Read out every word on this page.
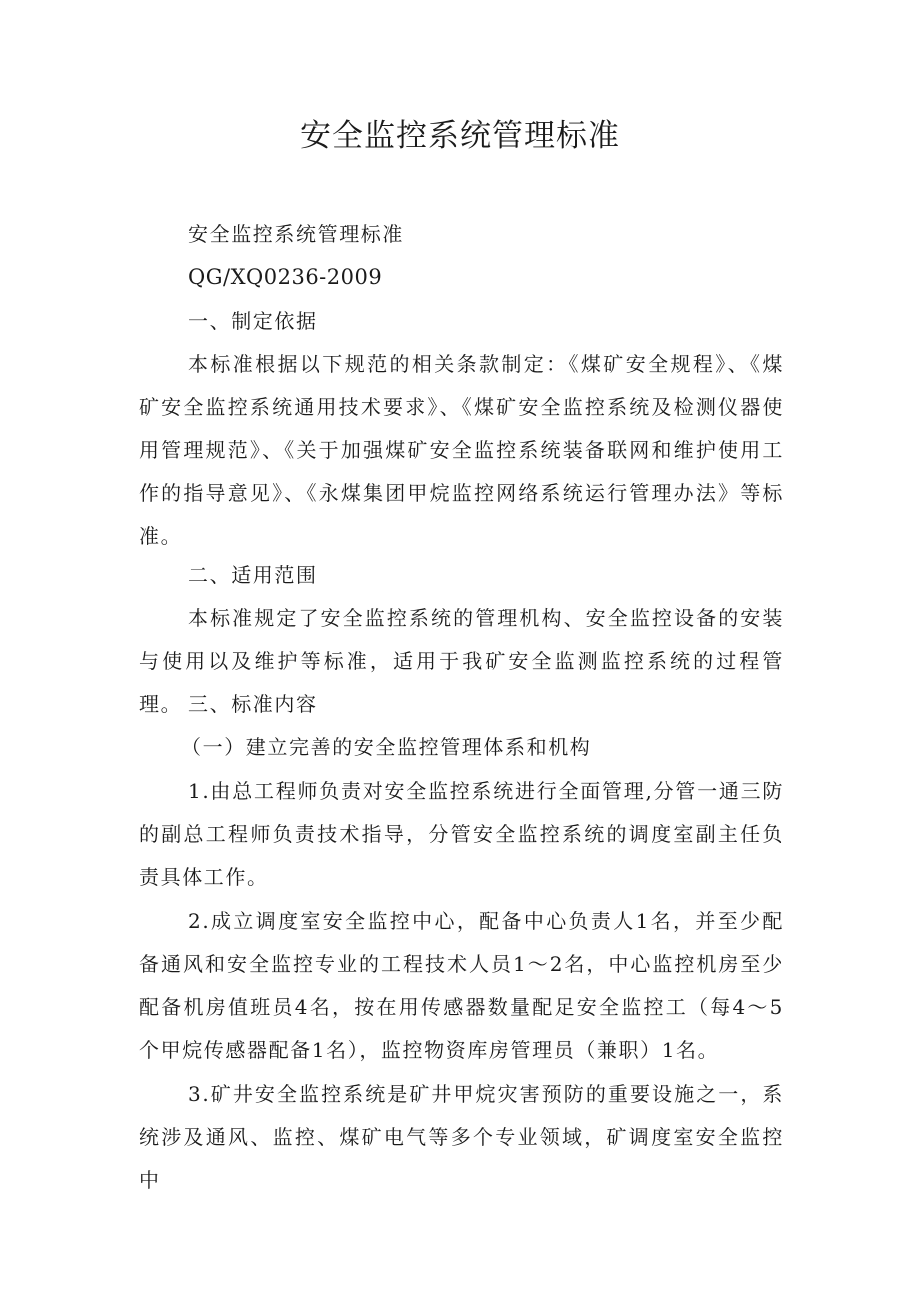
安全监控系统管理标准

安全监控系统管理标准

QG/XQ0236-2009

一、制定依据

本标准根据以下规范的相关条款制定：《煤矿安全规程》、《煤矿安全监控系统通用技术要求》、《煤矿安全监控系统及检测仪器使用管理规范》、《关于加强煤矿安全监控系统装备联网和维护使用工作的指导意见》、《永煤集团甲烷监控网络系统运行管理办法》等标准。

二、适用范围

本标准规定了安全监控系统的管理机构、安全监控设备的安装与使用以及维护等标准，适用于我矿安全监测监控系统的过程管理。 三、标准内容

（一）建立完善的安全监控管理体系和机构

1.由总工程师负责对安全监控系统进行全面管理,分管一通三防的副总工程师负责技术指导，分管安全监控系统的调度室副主任负责具体工作。

2.成立调度室安全监控中心，配备中心负责人1名，并至少配备通风和安全监控专业的工程技术人员1～2名，中心监控机房至少配备机房值班员4名，按在用传感器数量配足安全监控工（每4～5个甲烷传感器配备1名），监控物资库房管理员（兼职）1名。

3.矿井安全监控系统是矿井甲烷灾害预防的重要设施之一，系统涉及通风、监控、煤矿电气等多个专业领域，矿调度室安全监控中
